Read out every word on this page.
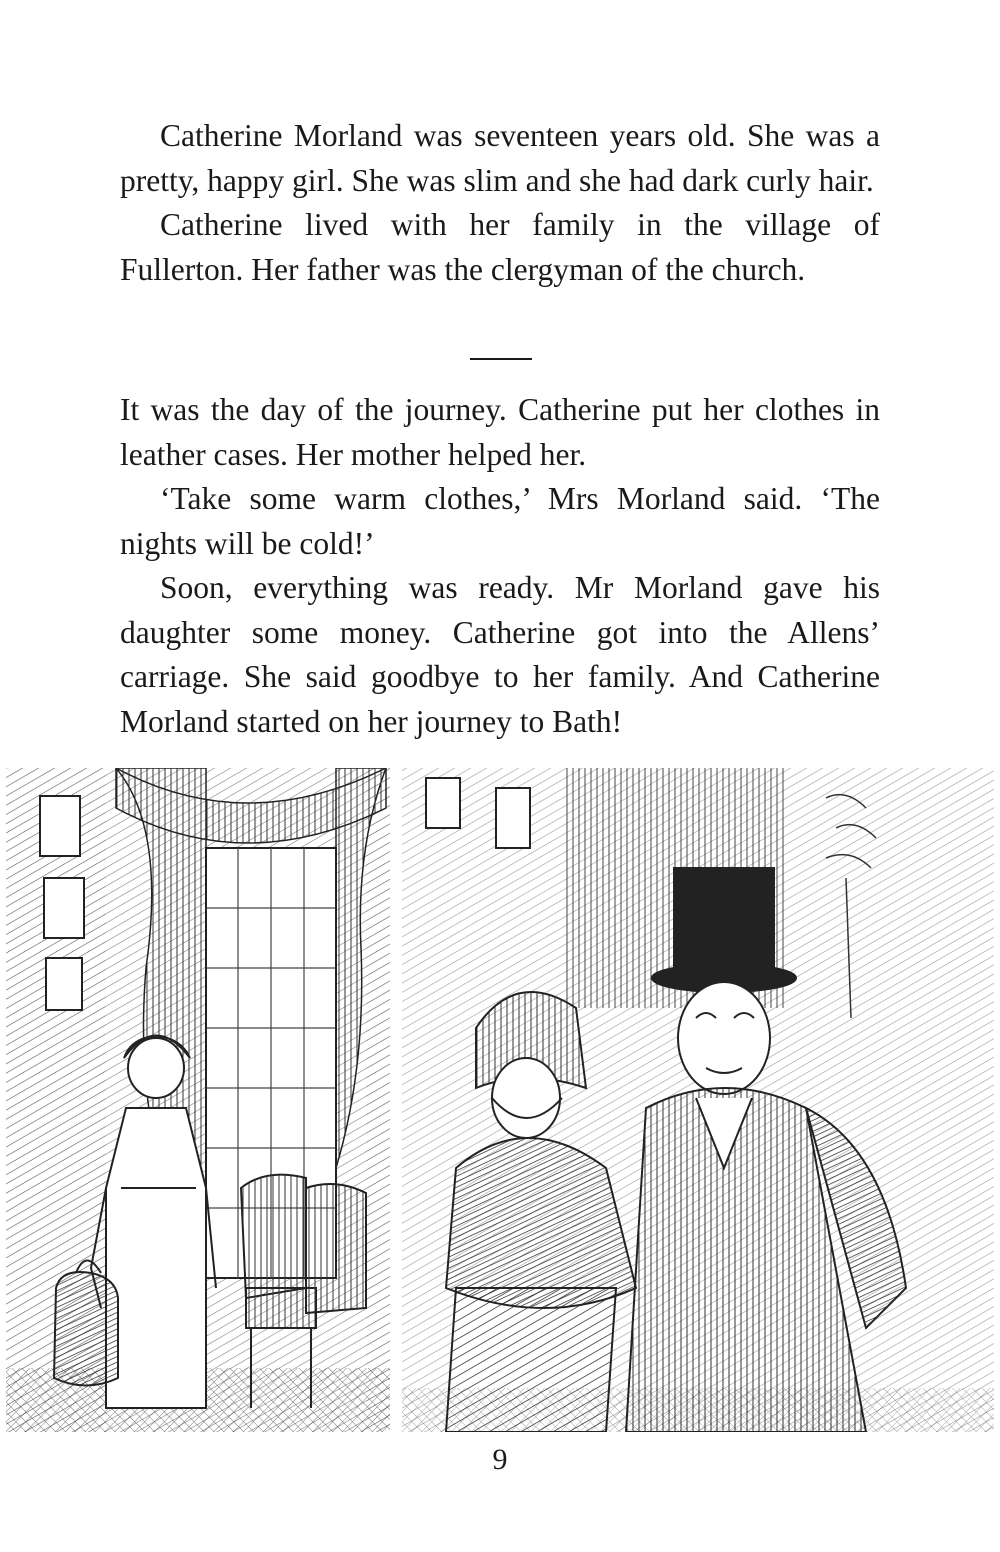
Catherine Morland was seventeen years old. She was a pretty, happy girl. She was slim and she had dark curly hair.

Catherine lived with her family in the village of Fullerton. Her father was the clergyman of the church.

It was the day of the journey. Catherine put her clothes in leather cases. Her mother helped her.

‘Take some warm clothes,’ Mrs Morland said. ‘The nights will be cold!’

Soon, everything was ready. Mr Morland gave his daughter some money. Catherine got into the Allens’ carriage. She said goodbye to her family. And Catherine Morland started on her journey to Bath!

9
